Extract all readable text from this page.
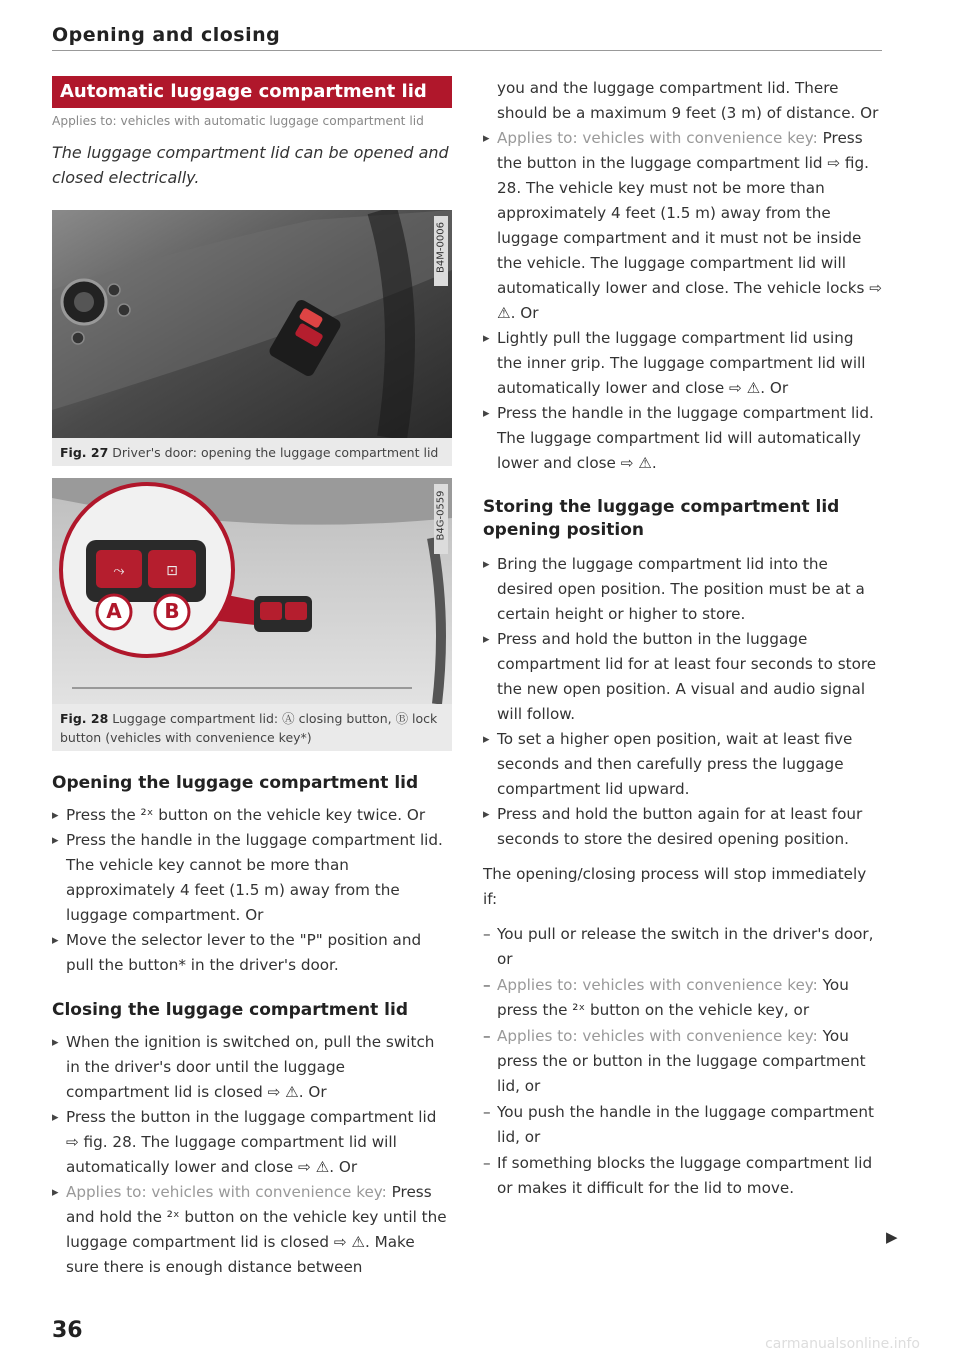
Opening and closing
Automatic luggage compartment lid
Applies to: vehicles with automatic luggage compartment lid
The luggage compartment lid can be opened and closed electrically.
B4M-0006
Fig. 27 Driver's door: opening the luggage compartment lid
⤳	⊡
A B
B4G-0559
Fig. 28 Luggage compartment lid: Ⓐ closing button, Ⓑ lock button (vehicles with convenience key*)
Opening the luggage compartment lid
▸ Press the ²ˣ button on the vehicle key twice. Or
▸ Press the handle in the luggage compartment lid. The vehicle key cannot be more than approximately 4 feet (1.5 m) away from the luggage compartment. Or
▸ Move the selector lever to the "P" position and pull the button* in the driver's door.
Closing the luggage compartment lid
▸ When the ignition is switched on, pull the switch in the driver's door until the luggage compartment lid is closed ⇨ ⚠. Or
▸ Press the button in the luggage compartment lid ⇨ fig. 28. The luggage compartment lid will automatically lower and close ⇨ ⚠. Or
▸ Applies to: vehicles with convenience key: Press and hold the ²ˣ button on the vehicle key until the luggage compartment lid is closed ⇨ ⚠. Make sure there is enough distance between
you and the luggage compartment lid. There should be a maximum 9 feet (3 m) of distance. Or
▸ Applies to: vehicles with convenience key: Press the button in the luggage compartment lid ⇨ fig. 28. The vehicle key must not be more than approximately 4 feet (1.5 m) away from the luggage compartment and it must not be inside the vehicle. The luggage compartment lid will automatically lower and close. The vehicle locks ⇨ ⚠. Or
▸ Lightly pull the luggage compartment lid using the inner grip. The luggage compartment lid will automatically lower and close ⇨ ⚠. Or
▸ Press the handle in the luggage compartment lid. The luggage compartment lid will automatically lower and close ⇨ ⚠.
Storing the luggage compartment lid opening position
▸ Bring the luggage compartment lid into the desired open position. The position must be at a certain height or higher to store.
▸ Press and hold the button in the luggage compartment lid for at least four seconds to store the new open position. A visual and audio signal will follow.
▸ To set a higher open position, wait at least five seconds and then carefully press the luggage compartment lid upward.
▸ Press and hold the button again for at least four seconds to store the desired opening position.
The opening/closing process will stop immediately if:
– You pull or release the switch in the driver's door, or
– Applies to: vehicles with convenience key: You press the ²ˣ button on the vehicle key, or
– Applies to: vehicles with convenience key: You press the or button in the luggage compartment lid, or
– You push the handle in the luggage compartment lid, or
– If something blocks the luggage compartment lid or makes it difficult for the lid to move.
▶
36
carmanualsonline.info
